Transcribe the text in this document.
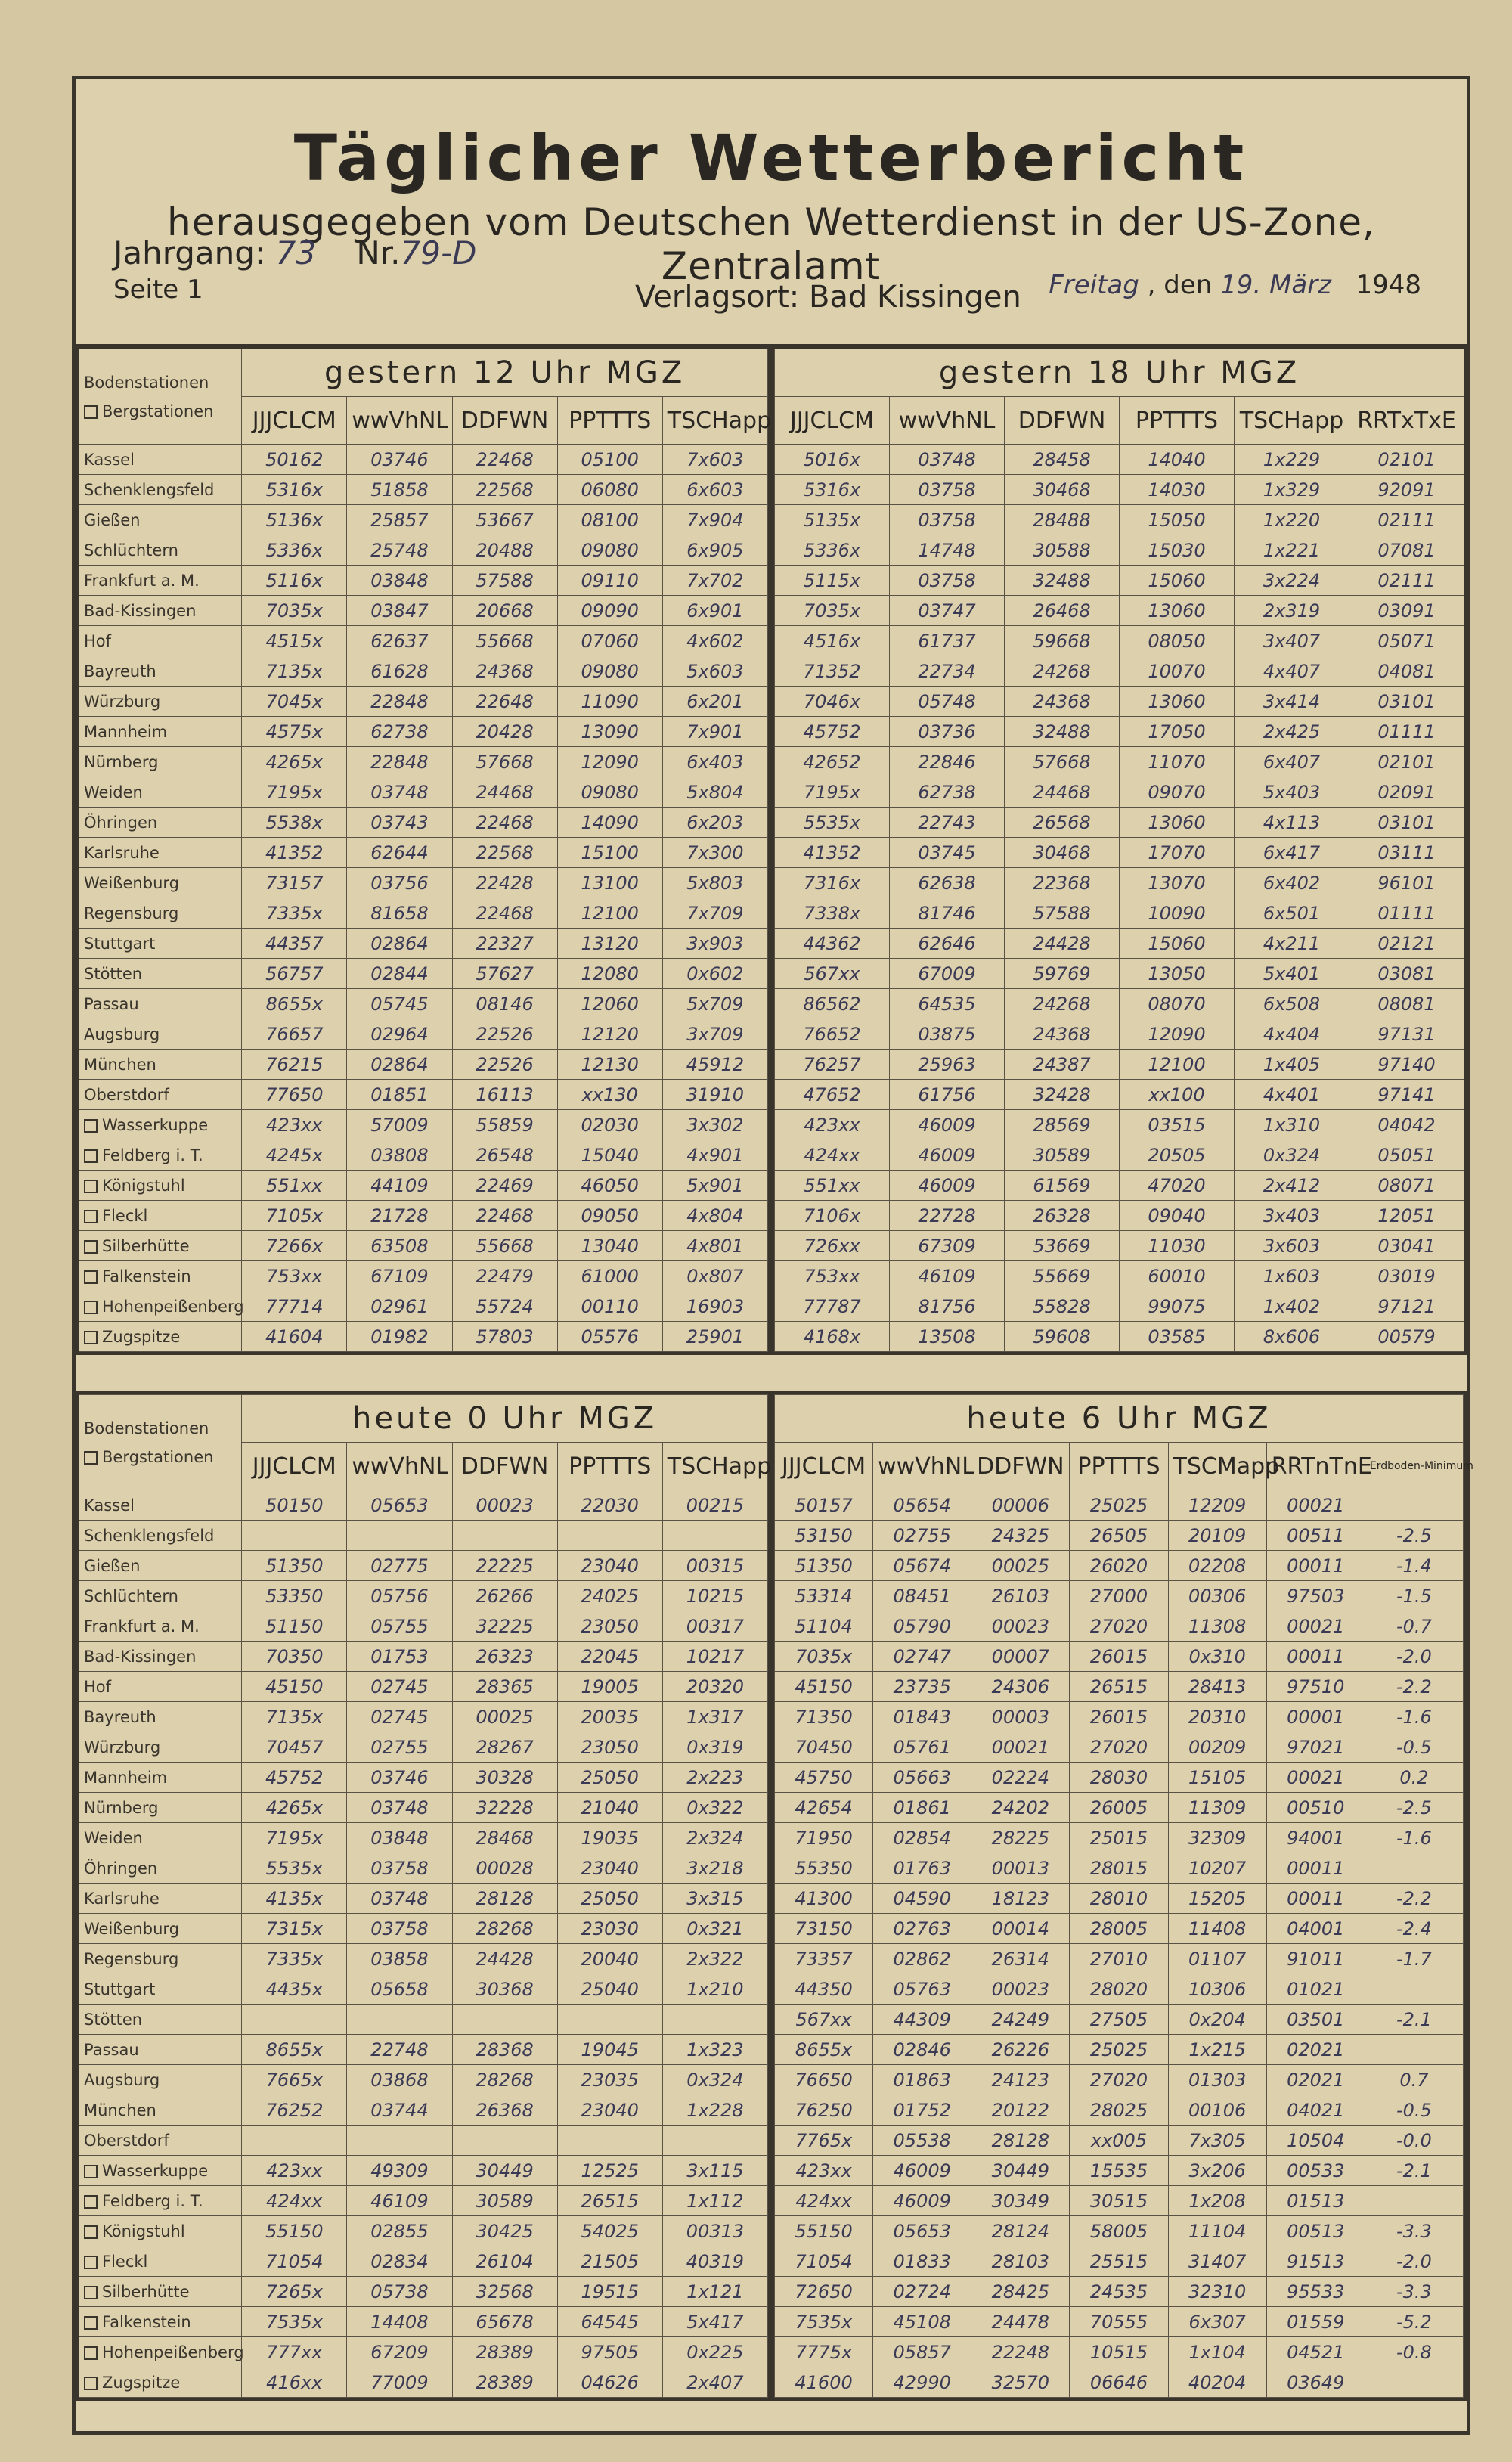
Täglicher Wetterbericht
herausgegeben vom Deutschen Wetterdienst in der US-Zone, Zentralamt
Jahrgang: 73 Nr.79-D
Seite 1	Verlagsort: Bad Kissingen Freitag , den 19. März 1948
Bodenstationen
Bergstationen	gestern 12 Uhr MGZ				
	JJJCLCM	wwVhNL	DDFWN	PPTTTS	TSCHapp
Kassel	50162	03746	22468	05100	7x603
Schenklengsfeld	5316x	51858	22568	06080	6x603
Gießen	5136x	25857	53667	08100	7x904
Schlüchtern	5336x	25748	20488	09080	6x905
Frankfurt a. M.	5116x	03848	57588	09110	7x702
Bad-Kissingen	7035x	03847	20668	09090	6x901
Hof	4515x	62637	55668	07060	4x602
Bayreuth	7135x	61628	24368	09080	5x603
Würzburg	7045x	22848	22648	11090	6x201
Mannheim	4575x	62738	20428	13090	7x901
Nürnberg	4265x	22848	57668	12090	6x403
Weiden	7195x	03748	24468	09080	5x804
Öhringen	5538x	03743	22468	14090	6x203
Karlsruhe	41352	62644	22568	15100	7x300
Weißenburg	73157	03756	22428	13100	5x803
Regensburg	7335x	81658	22468	12100	7x709
Stuttgart	44357	02864	22327	13120	3x903
Stötten	56757	02844	57627	12080	0x602
Passau	8655x	05745	08146	12060	5x709
Augsburg	76657	02964	22526	12120	3x709
München	76215	02864	22526	12130	45912
Oberstdorf	77650	01851	16113	xx130	31910
Wasserkuppe	423xx	57009	55859	02030	3x302
Feldberg i. T.	4245x	03808	26548	15040	4x901
Königstuhl	551xx	44109	22469	46050	5x901
Fleckl	7105x	21728	22468	09050	4x804
Silberhütte	7266x	63508	55668	13040	4x801
Falkenstein	753xx	67109	22479	61000	0x807
Hohenpeißenberg	77714	02961	55724	00110	16903
Zugspitze	41604	01982	57803	05576	25901
gestern 18 Uhr MGZ					
JJJCLCM	wwVhNL	DDFWN	PPTTTS	TSCHapp	RRTxTxE
5016x	03748	28458	14040	1x229	02101
5316x	03758	30468	14030	1x329	92091
5135x	03758	28488	15050	1x220	02111
5336x	14748	30588	15030	1x221	07081
5115x	03758	32488	15060	3x224	02111
7035x	03747	26468	13060	2x319	03091
4516x	61737	59668	08050	3x407	05071
71352	22734	24268	10070	4x407	04081
7046x	05748	24368	13060	3x414	03101
45752	03736	32488	17050	2x425	01111
42652	22846	57668	11070	6x407	02101
7195x	62738	24468	09070	5x403	02091
5535x	22743	26568	13060	4x113	03101
41352	03745	30468	17070	6x417	03111
7316x	62638	22368	13070	6x402	96101
7338x	81746	57588	10090	6x501	01111
44362	62646	24428	15060	4x211	02121
567xx	67009	59769	13050	5x401	03081
86562	64535	24268	08070	6x508	08081
76652	03875	24368	12090	4x404	97131
76257	25963	24387	12100	1x405	97140
47652	61756	32428	xx100	4x401	97141
423xx	46009	28569	03515	1x310	04042
424xx	46009	30589	20505	0x324	05051
551xx	46009	61569	47020	2x412	08071
7106x	22728	26328	09040	3x403	12051
726xx	67309	53669	11030	3x603	03041
753xx	46109	55669	60010	1x603	03019
77787	81756	55828	99075	1x402	97121
4168x	13508	59608	03585	8x606	00579
Bodenstationen
Bergstationen	heute 0 Uhr MGZ				
	JJJCLCM	wwVhNL	DDFWN	PPTTTS	TSCHapp
Kassel	50150	05653	00023	22030	00215
Schenklengsfeld					
Gießen	51350	02775	22225	23040	00315
Schlüchtern	53350	05756	26266	24025	10215
Frankfurt a. M.	51150	05755	32225	23050	00317
Bad-Kissingen	70350	01753	26323	22045	10217
Hof	45150	02745	28365	19005	20320
Bayreuth	7135x	02745	00025	20035	1x317
Würzburg	70457	02755	28267	23050	0x319
Mannheim	45752	03746	30328	25050	2x223
Nürnberg	4265x	03748	32228	21040	0x322
Weiden	7195x	03848	28468	19035	2x324
Öhringen	5535x	03758	00028	23040	3x218
Karlsruhe	4135x	03748	28128	25050	3x315
Weißenburg	7315x	03758	28268	23030	0x321
Regensburg	7335x	03858	24428	20040	2x322
Stuttgart	4435x	05658	30368	25040	1x210
Stötten					
Passau	8655x	22748	28368	19045	1x323
Augsburg	7665x	03868	28268	23035	0x324
München	76252	03744	26368	23040	1x228
Oberstdorf					
Wasserkuppe	423xx	49309	30449	12525	3x115
Feldberg i. T.	424xx	46109	30589	26515	1x112
Königstuhl	55150	02855	30425	54025	00313
Fleckl	71054	02834	26104	21505	40319
Silberhütte	7265x	05738	32568	19515	1x121
Falkenstein	7535x	14408	65678	64545	5x417
Hohenpeißenberg	777xx	67209	28389	97505	0x225
Zugspitze	416xx	77009	28389	04626	2x407
heute 6 Uhr MGZ						
JJJCLCM	wwVhNL	DDFWN	PPTTTS	TSCMapp	RRTnTnE	Erdboden-Minimum
50157	05654	00006	25025	12209	00021	
53150	02755	24325	26505	20109	00511	-2.5
51350	05674	00025	26020	02208	00011	-1.4
53314	08451	26103	27000	00306	97503	-1.5
51104	05790	00023	27020	11308	00021	-0.7
7035x	02747	00007	26015	0x310	00011	-2.0
45150	23735	24306	26515	28413	97510	-2.2
71350	01843	00003	26015	20310	00001	-1.6
70450	05761	00021	27020	00209	97021	-0.5
45750	05663	02224	28030	15105	00021	0.2
42654	01861	24202	26005	11309	00510	-2.5
71950	02854	28225	25015	32309	94001	-1.6
55350	01763	00013	28015	10207	00011	
41300	04590	18123	28010	15205	00011	-2.2
73150	02763	00014	28005	11408	04001	-2.4
73357	02862	26314	27010	01107	91011	-1.7
44350	05763	00023	28020	10306	01021	
567xx	44309	24249	27505	0x204	03501	-2.1
8655x	02846	26226	25025	1x215	02021	
76650	01863	24123	27020	01303	02021	0.7
76250	01752	20122	28025	00106	04021	-0.5
7765x	05538	28128	xx005	7x305	10504	-0.0
423xx	46009	30449	15535	3x206	00533	-2.1
424xx	46009	30349	30515	1x208	01513	
55150	05653	28124	58005	11104	00513	-3.3
71054	01833	28103	25515	31407	91513	-2.0
72650	02724	28425	24535	32310	95533	-3.3
7535x	45108	24478	70555	6x307	01559	-5.2
7775x	05857	22248	10515	1x104	04521	-0.8
41600	42990	32570	06646	40204	03649	
